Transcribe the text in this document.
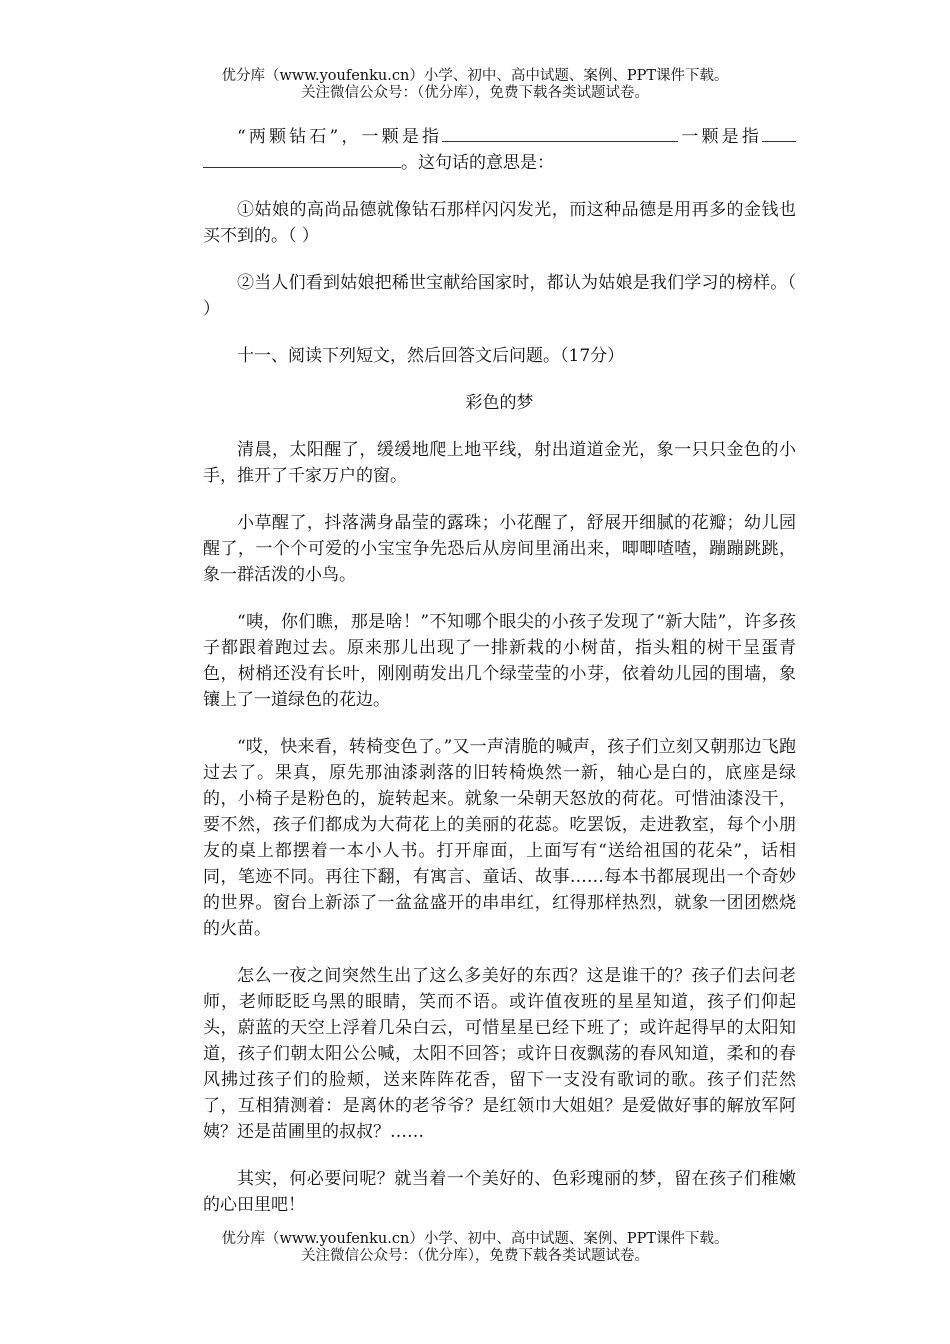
优分库（www.youfenku.cn）小学、初中、高中试题、案例、PPT课件下载。
关注微信公众号：（优分库），免费下载各类试题试卷。

“两颗钻石”，一颗是指	一颗是指。这句话的意思是：

①姑娘的高尚品德就像钻石那样闪闪发光，而这种品德是用再多的金钱也买不到的。（ ）

②当人们看到姑娘把稀世宝献给国家时，都认为姑娘是我们学习的榜样。（ ）

十一、阅读下列短文，然后回答文后问题。（17分）

彩色的梦

清晨，太阳醒了，缓缓地爬上地平线，射出道道金光，象一只只金色的小手，推开了千家万户的窗。

小草醒了，抖落满身晶莹的露珠；小花醒了，舒展开细腻的花瓣；幼儿园醒了，一个个可爱的小宝宝争先恐后从房间里涌出来，唧唧喳喳，蹦蹦跳跳，象一群活泼的小鸟。

“咦，你们瞧，那是啥！”不知哪个眼尖的小孩子发现了“新大陆”，许多孩子都跟着跑过去。原来那儿出现了一排新栽的小树苗，指头粗的树干呈蛋青色，树梢还没有长叶，刚刚萌发出几个绿莹莹的小芽，依着幼儿园的围墙，象镶上了一道绿色的花边。

“哎，快来看，转椅变色了。”又一声清脆的喊声，孩子们立刻又朝那边飞跑过去了。果真，原先那油漆剥落的旧转椅焕然一新，轴心是白的，底座是绿的，小椅子是粉色的，旋转起来。就象一朵朝天怒放的荷花。可惜油漆没干，要不然，孩子们都成为大荷花上的美丽的花蕊。吃罢饭，走进教室，每个小朋友的桌上都摆着一本小人书。打开扉面，上面写有“送给祖国的花朵”，话相同，笔迹不同。再往下翻，有寓言、童话、故事……每本书都展现出一个奇妙的世界。窗台上新添了一盆盆盛开的串串红，红得那样热烈，就象一团团燃烧的火苗。

怎么一夜之间突然生出了这么多美好的东西？这是谁干的？孩子们去问老师，老师眨眨乌黑的眼睛，笑而不语。或许值夜班的星星知道，孩子们仰起头，蔚蓝的天空上浮着几朵白云，可惜星星已经下班了；或许起得早的太阳知道，孩子们朝太阳公公喊，太阳不回答；或许日夜飘荡的春风知道，柔和的春风拂过孩子们的脸颊，送来阵阵花香，留下一支没有歌词的歌。孩子们茫然了，互相猜测着：是离休的老爷爷？是红领巾大姐姐？是爱做好事的解放军阿姨？还是苗圃里的叔叔？……

其实，何必要问呢？就当着一个美好的、色彩瑰丽的梦，留在孩子们稚嫩的心田里吧！

优分库（www.youfenku.cn）小学、初中、高中试题、案例、PPT课件下载。
关注微信公众号：（优分库），免费下载各类试题试卷。
